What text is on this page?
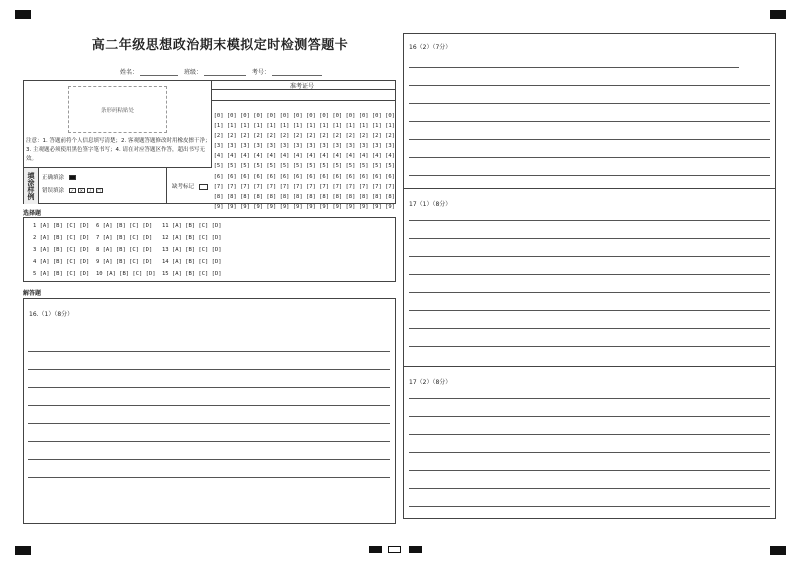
高二年级思想政治期末模拟定时检测答题卡
姓名：	班级：	考号：
条形码粘贴处
注意：1. 答题前将个人信息填写清楚；2. 客观题答题修改时用橡皮擦干净；3. 主观题必须使用黑色签字笔书写；4. 请在对应答题区作答，超出书写无效。
准考证号
[0] [0] [0] [0] [0] [0] [0] [0] [0] [0] [0] [0] [0] [0]
[1] [1] [1] [1] [1] [1] [1] [1] [1] [1] [1] [1] [1] [1]
[2] [2] [2] [2] [2] [2] [2] [2] [2] [2] [2] [2] [2] [2]
[3] [3] [3] [3] [3] [3] [3] [3] [3] [3] [3] [3] [3] [3]
[4] [4] [4] [4] [4] [4] [4] [4] [4] [4] [4] [4] [4] [4]
[5] [5] [5] [5] [5] [5] [5] [5] [5] [5] [5] [5] [5] [5]
[6] [6] [6] [6] [6] [6] [6] [6] [6] [6] [6] [6] [6] [6]
[7] [7] [7] [7] [7] [7] [7] [7] [7] [7] [7] [7] [7] [7]
[8] [8] [8] [8] [8] [8] [8] [8] [8] [8] [8] [8] [8] [8]
[9] [9] [9] [9] [9] [9] [9] [9] [9] [9] [9] [9] [9] [9]
填涂
样例
正确填涂
错误填涂 ✓ ✕ / □
缺考标记
选择题
1 [A] [B] [C] [D]
2 [A] [B] [C] [D]
3 [A] [B] [C] [D]
4 [A] [B] [C] [D]
5 [A] [B] [C] [D]
6 [A] [B] [C] [D]
7 [A] [B] [C] [D]
8 [A] [B] [C] [D]
9 [A] [B] [C] [D]
10 [A] [B] [C] [D]
11 [A] [B] [C] [D]
12 [A] [B] [C] [D]
13 [A] [B] [C] [D]
14 [A] [B] [C] [D]
15 [A] [B] [C] [D]
解答题
16.（1）（8分）
16（2）（7分）
17（1）（8分）
17（2）（8分）
